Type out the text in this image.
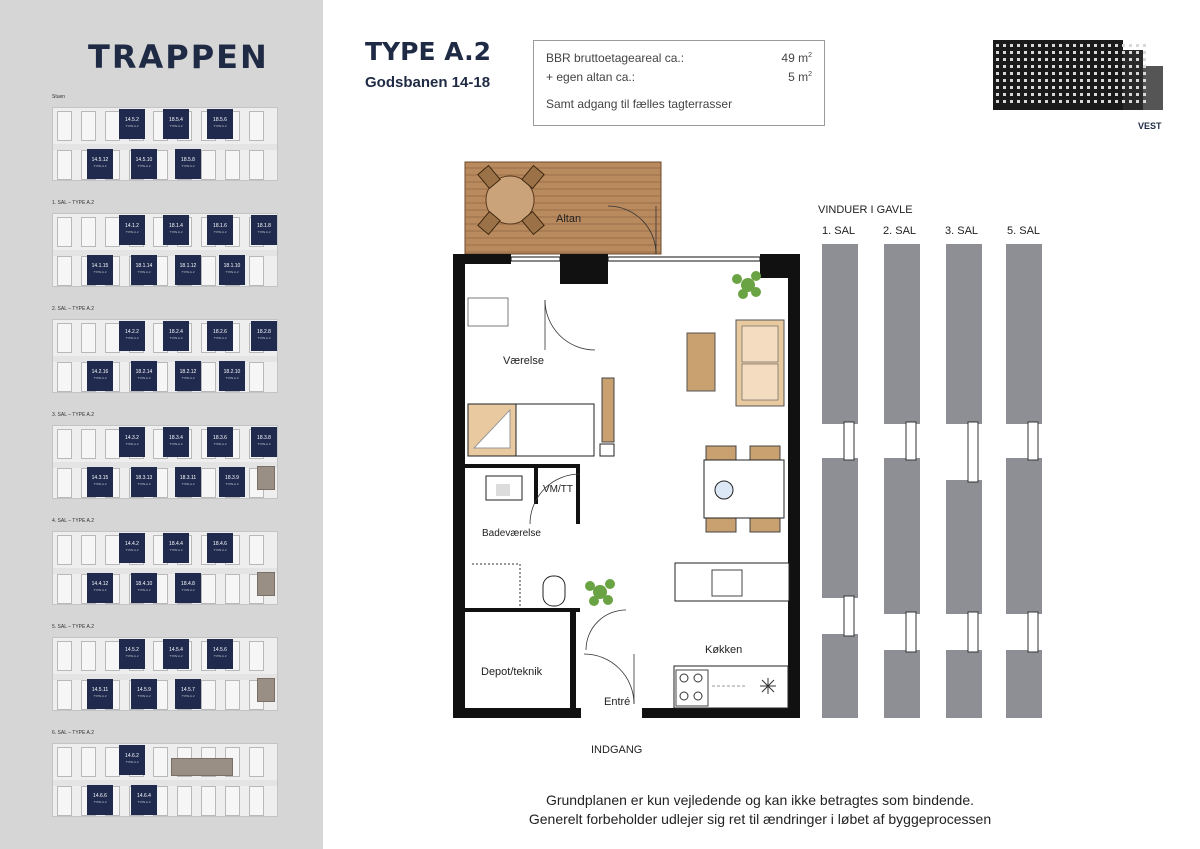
TRAPPEN
Stuen
14.5.2
TYPE A.2
18.5.4
TYPE A.2
18.5.6
TYPE A.2
14.5.12
TYPE A.2
14.5.10
TYPE A.2
18.5.8
TYPE A.2
1. SAL – TYPE A.2
14.1.2
TYPE A.2
18.1.4
TYPE A.2
18.1.6
TYPE A.2
18.1.8
TYPE A.2
14.1.15
TYPE A.2
18.1.14
TYPE A.2
18.1.12
TYPE A.2
18.1.10
TYPE A.2
2. SAL – TYPE A.2
14.2.2
TYPE A.2
18.2.4
TYPE A.2
18.2.6
TYPE A.2
18.2.8
TYPE A.2
14.2.16
TYPE A.2
18.2.14
TYPE A.2
18.2.12
TYPE A.2
18.2.10
TYPE A.2
3. SAL – TYPE A.2
14.3.2
TYPE A.2
18.3.4
TYPE A.2
18.3.6
TYPE A.2
18.3.8
TYPE A.2
14.3.15
TYPE A.2
18.3.13
TYPE A.2
18.3.11
TYPE A.2
18.3.9
TYPE A.2
4. SAL – TYPE A.2
14.4.2
TYPE A.2
18.4.4
TYPE A.2
18.4.6
TYPE A.2
14.4.12
TYPE A.2
18.4.10
TYPE A.2
18.4.8
TYPE A.2
5. SAL – TYPE A.2
14.5.2
TYPE A.2
14.5.4
TYPE A.2
14.5.6
TYPE A.2
14.5.11
TYPE A.2
14.5.9
TYPE A.2
14.5.7
TYPE A.2
6. SAL – TYPE A.2
14.6.2
TYPE A.2
14.6.6
TYPE A.2
14.6.4
TYPE A.2
TYPE A.2
Godsbanen 14-18
BBR bruttoetageareal ca.:	49 $m^2$
+ egen altan ca.:	5 $m^2$
Samt adgang til fælles tagterrasser
VEST
Værelse
Altan
VM/TT
Badeværelse
Depot/teknik
Køkken
Entré
INDGANG
VINDUER I GAVLE
1. SAL	2. SAL	3. SAL	5. SAL
Grundplanen er kun vejledende og kan ikke betragtes som bindende.
Generelt forbeholder udlejer sig ret til ændringer i løbet af byggeprocessen
